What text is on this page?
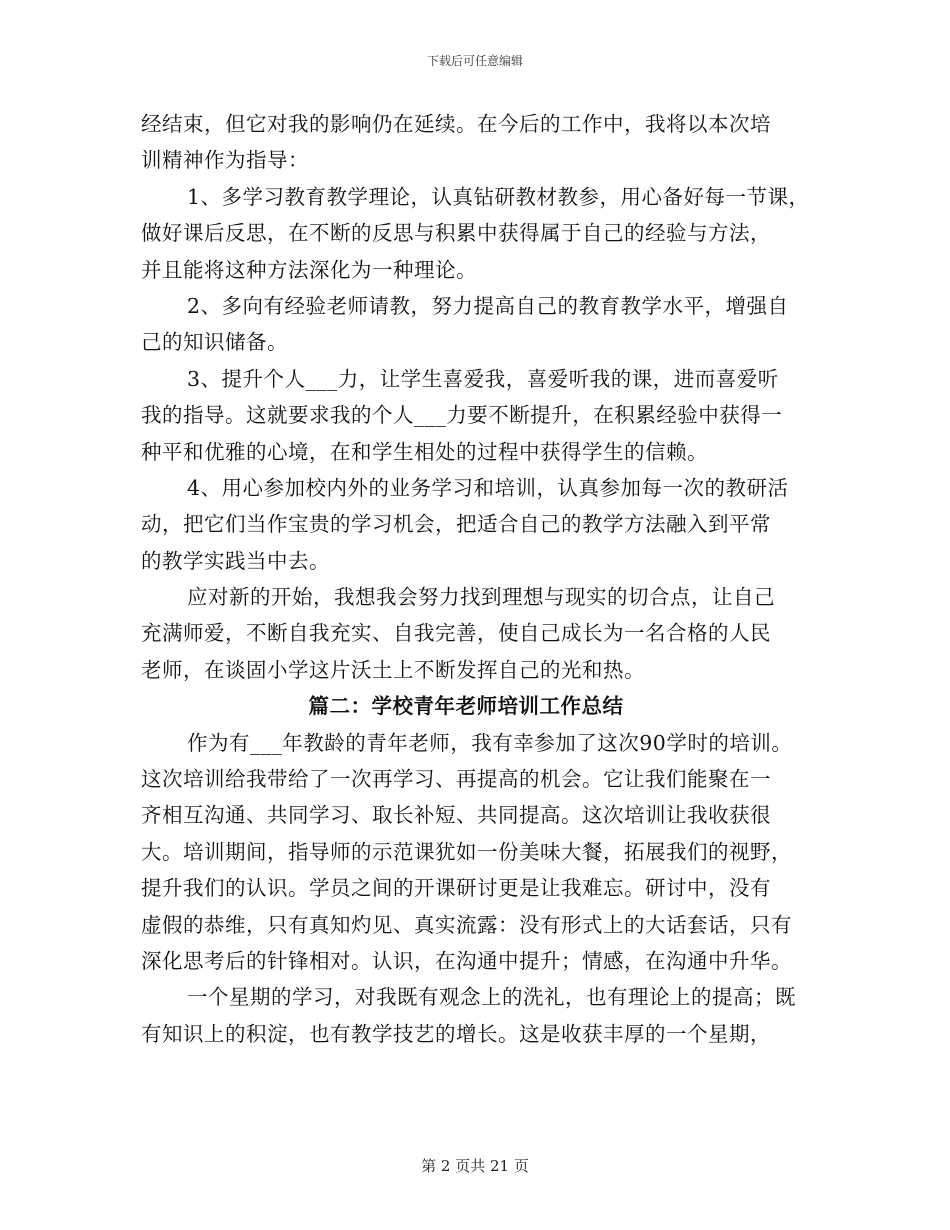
下载后可任意编辑
经结束，但它对我的影响仍在延续。在今后的工作中，我将以本次培
训精神作为指导：
1、多学习教育教学理论，认真钻研教材教参，用心备好每一节课，
做好课后反思，在不断的反思与积累中获得属于自己的经验与方法，
并且能将这种方法深化为一种理论。
2、多向有经验老师请教，努力提高自己的教育教学水平，增强自
己的知识储备。
3、提升个人___力，让学生喜爱我，喜爱听我的课，进而喜爱听
我的指导。这就要求我的个人___力要不断提升，在积累经验中获得一
种平和优雅的心境，在和学生相处的过程中获得学生的信赖。
4、用心参加校内外的业务学习和培训，认真参加每一次的教研活
动，把它们当作宝贵的学习机会，把适合自己的教学方法融入到平常
的教学实践当中去。
应对新的开始，我想我会努力找到理想与现实的切合点，让自己
充满师爱，不断自我充实、自我完善，使自己成长为一名合格的人民
老师，在谈固小学这片沃土上不断发挥自己的光和热。
篇二：学校青年老师培训工作总结
作为有___年教龄的青年老师，我有幸参加了这次90学时的培训。
这次培训给我带给了一次再学习、再提高的机会。它让我们能聚在一
齐相互沟通、共同学习、取长补短、共同提高。这次培训让我收获很
大。培训期间，指导师的示范课犹如一份美味大餐，拓展我们的视野，
提升我们的认识。学员之间的开课研讨更是让我难忘。研讨中，没有
虚假的恭维，只有真知灼见、真实流露：没有形式上的大话套话，只有
深化思考后的针锋相对。认识，在沟通中提升；情感，在沟通中升华。
一个星期的学习，对我既有观念上的洗礼，也有理论上的提高；既
有知识上的积淀，也有教学技艺的增长。这是收获丰厚的一个星期，
第 2 页共 21 页
